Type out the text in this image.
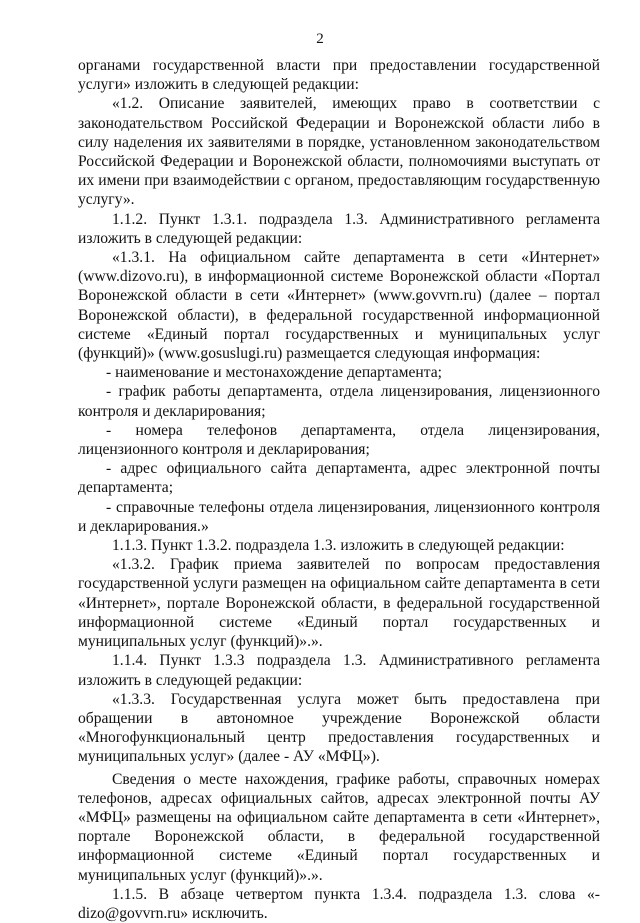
2

органами государственной власти при предоставлении государственной услуги» изложить в следующей редакции:

«1.2. Описание заявителей, имеющих право в соответствии с законодательством Российской Федерации и Воронежской области либо в силу наделения их заявителями в порядке, установленном законодательством Российской Федерации и Воронежской области, полномочиями выступать от их имени при взаимодействии с органом, предоставляющим государственную услугу».

1.1.2. Пункт 1.3.1. подраздела 1.3. Административного регламента изложить в следующей редакции:

«1.3.1. На официальном сайте департамента в сети «Интернет» (www.dizovo.ru), в информационной системе Воронежской области «Портал Воронежской области в сети «Интернет» (www.govvrn.ru) (далее – портал Воронежской области), в федеральной государственной информационной системе «Единый портал государственных и муниципальных услуг (функций)» (www.gosuslugi.ru) размещается следующая информация:

- наименование и местонахождение департамента;

- график работы департамента, отдела лицензирования, лицензионного контроля и декларирования;

- номера телефонов департамента, отдела лицензирования, лицензионного контроля и декларирования;

- адрес официального сайта департамента, адрес электронной почты департамента;

- справочные телефоны отдела лицензирования, лицензионного контроля и декларирования.»

1.1.3. Пункт 1.3.2. подраздела 1.3. изложить в следующей редакции:

«1.3.2. График приема заявителей по вопросам предоставления государственной услуги размещен на официальном сайте департамента в сети «Интернет», портале Воронежской области, в федеральной государственной информационной системе «Единый портал государственных и муниципальных услуг (функций)».».

1.1.4. Пункт 1.3.3 подраздела 1.3. Административного регламента изложить в следующей редакции:

«1.3.3. Государственная услуга может быть предоставлена при обращении в автономное учреждение Воронежской области «Многофункциональный центр предоставления государственных и муниципальных услуг» (далее - АУ «МФЦ»).

Сведения о месте нахождения, графике работы, справочных номерах телефонов, адресах официальных сайтов, адресах электронной почты АУ «МФЦ» размещены на официальном сайте департамента в сети «Интернет», портале Воронежской области, в федеральной государственной информационной системе «Единый портал государственных и муниципальных услуг (функций)».».

1.1.5. В абзаце четвертом пункта 1.3.4. подраздела 1.3. слова «-dizo@govvrn.ru» исключить.
